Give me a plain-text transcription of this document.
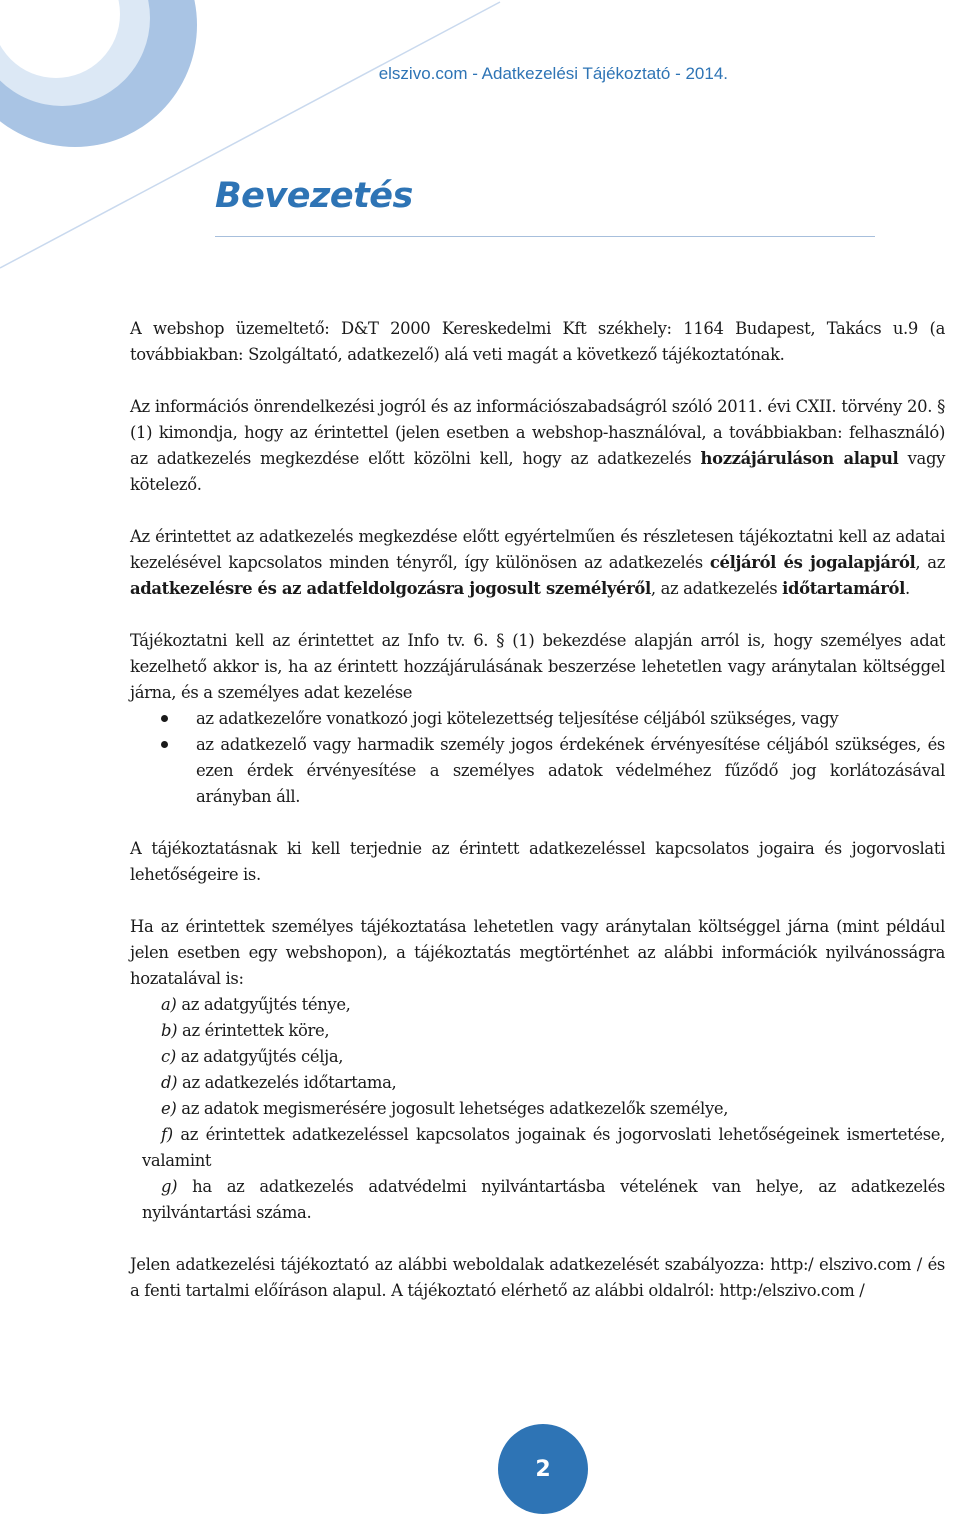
elszivo.com - Adatkezelési Tájékoztató - 2014.
Bevezetés

A webshop üzemeltető: D&T 2000 Kereskedelmi Kft székhely: 1164 Budapest, Takács u.9 (a továbbiakban: Szolgáltató, adatkezelő) alá veti magát a következő tájékoztatónak.

Az információs önrendelkezési jogról és az információszabadságról szóló 2011. évi CXII. törvény 20. § (1) kimondja, hogy az érintettel (jelen esetben a webshop-használóval, a továbbiakban: felhasználó) az adatkezelés megkezdése előtt közölni kell, hogy az adatkezelés hozzájáruláson alapul vagy kötelező.

Az érintettet az adatkezelés megkezdése előtt egyértelműen és részletesen tájékoztatni kell az adatai kezelésével kapcsolatos minden tényről, így különösen az adatkezelés céljáról és jogalapjáról, az adatkezelésre és az adatfeldolgozásra jogosult személyéről, az adatkezelés időtartamáról.

Tájékoztatni kell az érintettet az Info tv. 6. § (1) bekezdése alapján arról is, hogy személyes adat kezelhető akkor is, ha az érintett hozzájárulásának beszerzése lehetetlen vagy aránytalan költséggel járna, és a személyes adat kezelése

az adatkezelőre vonatkozó jogi kötelezettség teljesítése céljából szükséges, vagy
az adatkezelő vagy harmadik személy jogos érdekének érvényesítése céljából szükséges, és ezen érdek érvényesítése a személyes adatok védelméhez fűződő jog korlátozásával arányban áll.

A tájékoztatásnak ki kell terjednie az érintett adatkezeléssel kapcsolatos jogaira és jogorvoslati lehetőségeire is.

Ha az érintettek személyes tájékoztatása lehetetlen vagy aránytalan költséggel járna (mint például jelen esetben egy webshopon), a tájékoztatás megtörténhet az alábbi információk nyilvánosságra hozatalával is:

a) az adatgyűjtés ténye,
b) az érintettek köre,
c) az adatgyűjtés célja,
d) az adatkezelés időtartama,
e) az adatok megismerésére jogosult lehetséges adatkezelők személye,
f) az érintettek adatkezeléssel kapcsolatos jogainak és jogorvoslati lehetőségeinek ismertetése, valamint
g) ha az adatkezelés adatvédelmi nyilvántartásba vételének van helye, az adatkezelés nyilvántartási száma.

Jelen adatkezelési tájékoztató az alábbi weboldalak adatkezelését szabályozza: http:/ elszivo.com / és a fenti tartalmi előíráson alapul. A tájékoztató elérhető az alábbi oldalról: http:/elszivo.com /

2
